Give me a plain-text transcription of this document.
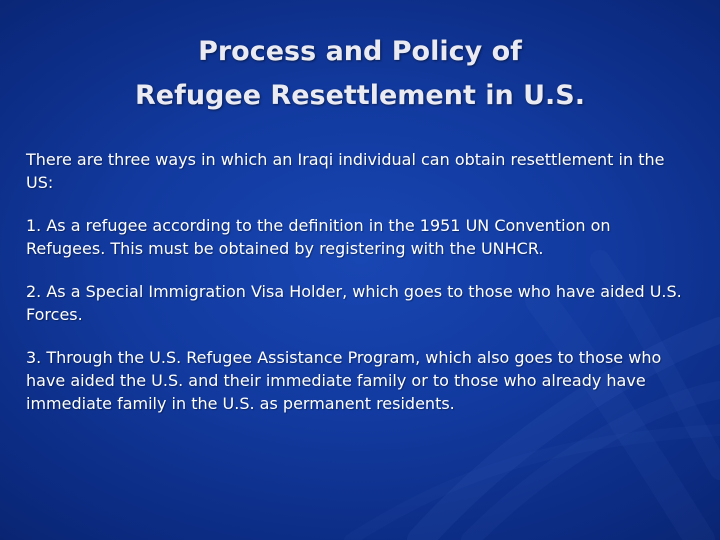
Process and Policy of
Refugee Resettlement in U.S.

There are three ways in which an Iraqi individual can obtain resettlement in the US:

1. As a refugee according to the definition in the 1951 UN Convention on Refugees. This must be obtained by registering with the UNHCR.

2. As a Special Immigration Visa Holder, which goes to those who have aided U.S. Forces.

3. Through the U.S. Refugee Assistance Program, which also goes to those who have aided the U.S. and their immediate family or to those who already have immediate family in the U.S. as permanent residents.
